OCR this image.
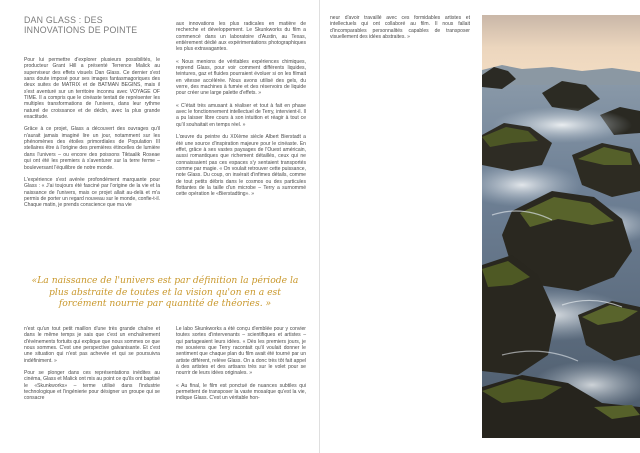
DAN GLASS : DES INNOVATIONS DE POINTE

Pour lui permettre d'explorer plusieurs possibilités, le producteur Grant Hill a présenté Terrence Malick au superviseur des effets visuels Dan Glass. Ce dernier s'est sans doute imposé pour ses images fantasmagoriques des deux suites de MATRIX et de BATMAN BEGINS, mais il s'est aventuré sur un territoire inconnu avec VOYAGE OF TIME. Il a compris que le cinéaste tentait de représenter les multiples transformations de l'univers, dans leur rythme naturel de croissance et de déclin, avec la plus grande exactitude.

Grâce à ce projet, Glass a découvert des ouvrages qu'il n'aurait jamais imaginé lire un jour, notamment sur les phénomènes des étoiles primordiales de Population III stellaires être à l'origine des premières étincelles de lumière dans l'univers – ou encore des poissons Tiktaalik Roseae qui ont été les premiers à s'aventurer sur la terre ferme – bouleversant l'équilibre de notre monde.

L'expérience s'est avérée profondément marquante pour Glass : « J'ai toujours été fasciné par l'origine de la vie et la naissance de l'univers, mais ce projet allait au-delà et m'a permis de porter un regard nouveau sur le monde, confie-t-il. Chaque matin, je prends conscience que ma vie

aux innovations les plus radicales en matière de recherche et développement. Le Skunkworks du film a commencé dans un laboratoire d'Austin, au Texas, entièrement dédié aux expérimentations photographiques les plus extravagantes.

« Nous menions de véritables expériences chimiques, reprend Glass, pour voir comment différents liquides, teintures, gaz et fluides pourraient évoluer si on les filmait en vitesse accélérée. Nous avons utilisé des gels, du verre, des machines à fumée et des réservoirs de liquide pour créer une large palette d'effets. »

« C'était très amusant à réaliser et tout à fait en phase avec le fonctionnement intellectuel de Terry, intervient-il. Il a pu laisser libre cours à son intuition et réagir à tout ce qu'il souhaitait en temps réel. »

L'œuvre du peintre du XIXème siècle Albert Bierstadt a été une source d'inspiration majeure pour le cinéaste. En effet, grâce à ses vastes paysages de l'Ouest américain, aussi romantiques que richement détaillés, ceux qui ne connaissaient pas ces espaces s'y sentaient transportés comme par magie. « On voulait retrouver cette puissance, note Glass. Du coup, on insérait d'infimes détails, comme de tout petits débris dans le cosmos ou des particules flottantes de la taille d'un microbe – Terry a surnommé cette opération le «Bierstadting». »

«La naissance de l'univers est par définition la période la plus abstraite de toutes et la vision qu'on en a est forcément nourrie par quantité de théories. »

n'est qu'un tout petit maillon d'une très grande chaîne et dans le même temps je sais que c'est un enchaînement d'événements fortuits qui explique que nous sommes ce que nous sommes. C'est une perspective galvanisante. Et c'est une situation qui n'est pas achevée et qui se poursuivra indéfiniment. »

Pour se plonger dans ces représentations inédites au cinéma, Glass et Malick ont mis au point ce qu'ils ont baptisé le «Skunkworks» – terme utilisé dans l'industrie technologique et l'ingénierie pour désigner un groupe qui se consacre

Le labo Skunkworks a été conçu d'emblée pour y convier toutes sortes d'intervenants – scientifiques et artistes – qui partageaient leurs idées. « Dès les premiers jours, je me souviens que Terry racontait qu'il voulait donner le sentiment que chaque plan du film avait été tourné par un artiste différent, relève Glass. On a donc très tôt fait appel à des artistes et des artisans très sur le volet pour se nourrir de leurs idées originales. »

« Au final, le film est ponctué de nuances subtiles qui permettent de transposer la vaste mosaïque qu'est la vie, indique Glass. C'est un véritable hon-

neur d'avoir travaillé avec ces formidables artistes et intellectuels qui ont collaboré au film. Il nous fallait d'incomparables personnalités capables de transposer visuellement des idées abstraites. »
